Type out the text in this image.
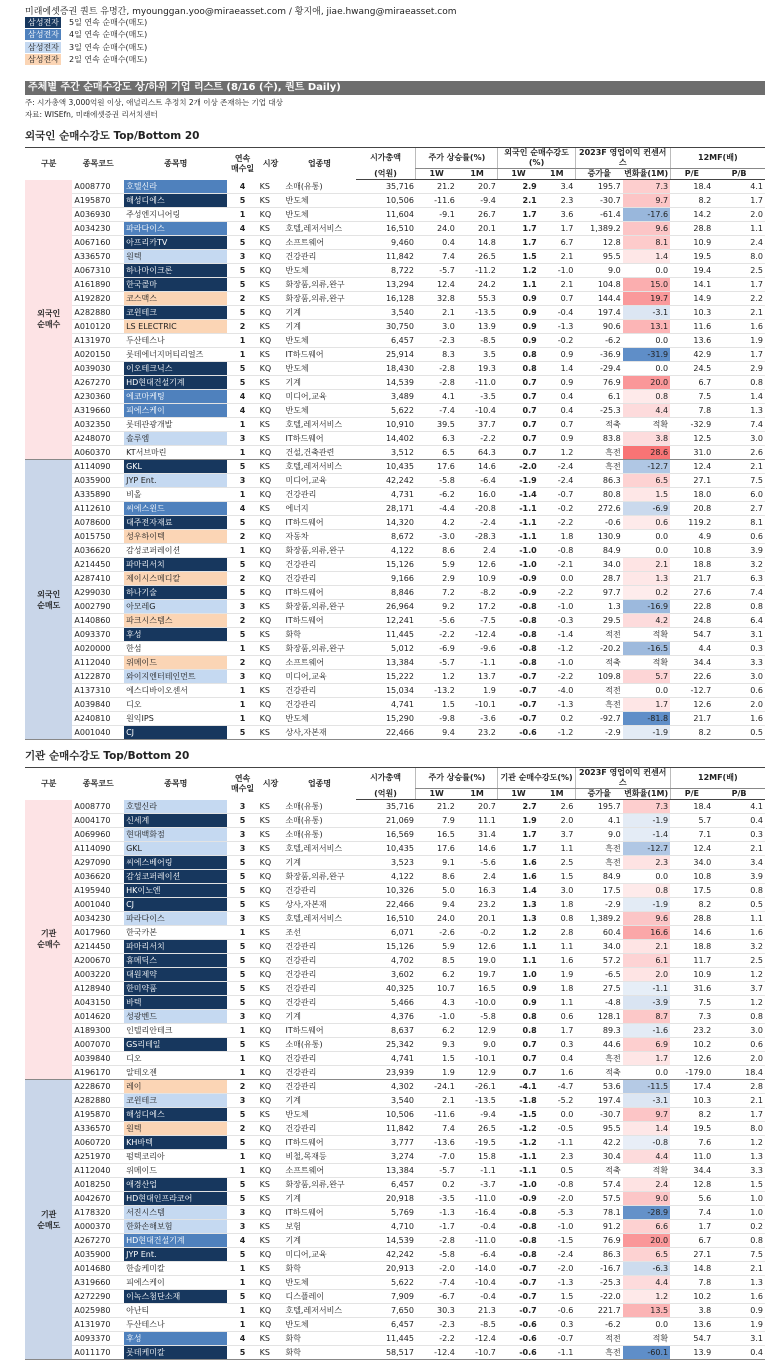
미래에셋증권 퀀트 유명간, myounggan.yoo@miraeasset.com / 황지애, jiae.hwang@miraeasset.com
삼성전자 5일 연속 순매수(매도)
삼성전자 4일 연속 순매수(매도)
삼성전자 3일 연속 순매수(매도)
삼성전자 2일 연속 순매수(매도)
주체별 주간 순매수강도 상/하위 기업 리스트 (8/16 (수), 퀀트 Daily)
주: 시가총액 3,000억원 이상, 애널리스트 추정치 2개 이상 존재하는 기업 대상
자료: WISEfn, 미래에셋증권 리서치센터
외국인 순매수강도 Top/Bottom 20
구분	종목코드	종목명	연속
매수일	시장	업종명	시가총액	주가 상승률(%)		외국인 순매수강도(%)		2023F 영업이익 컨센서스		12MF(배)	
						(억원)	1W	1M	1W	1M	증가율	변화율(1M)	P/E	P/B
외국인
순매수	A008770	호텔신라	4	KS	소매(유통)	35,716	21.2	20.7	2.9	3.4	195.7	7.3	18.4	4.1
	A195870	해성디에스	5	KS	반도체	10,506	-11.6	-9.4	2.1	2.3	-30.7	9.7	8.2	1.7
	A036930	주성엔지니어링	1	KQ	반도체	11,604	-9.1	26.7	1.7	3.6	-61.4	-17.6	14.2	2.0
	A034230	파라다이스	4	KS	호텔,레저서비스	16,510	24.0	20.1	1.7	1.7	1,389.2	9.6	28.8	1.1
	A067160	아프리카TV	5	KQ	소프트웨어	9,460	0.4	14.8	1.7	6.7	12.8	8.1	10.9	2.4
	A336570	원텍	3	KQ	건강관리	11,842	7.4	26.5	1.5	2.1	95.5	1.4	19.5	8.0
	A067310	하나마이크론	5	KQ	반도체	8,722	-5.7	-11.2	1.2	-1.0	9.0	0.0	19.4	2.5
	A161890	한국콜마	5	KS	화장품,의류,완구	13,294	12.4	24.2	1.1	2.1	104.8	15.0	14.1	1.7
	A192820	코스맥스	2	KS	화장품,의류,완구	16,128	32.8	55.3	0.9	0.7	144.4	19.7	14.9	2.2
	A282880	코윈테크	5	KQ	기계	3,540	2.1	-13.5	0.9	-0.4	197.4	-3.1	10.3	2.1
	A010120	LS ELECTRIC	2	KS	기계	30,750	3.0	13.9	0.9	-1.3	90.6	13.1	11.6	1.6
	A131970	두산테스나	1	KQ	반도체	6,457	-2.3	-8.5	0.9	-0.2	-6.2	0.0	13.6	1.9
	A020150	롯데에너지머티리얼즈	1	KS	IT하드웨어	25,914	8.3	3.5	0.8	0.9	-36.9	-31.9	42.9	1.7
	A039030	이오테크닉스	5	KQ	반도체	18,430	-2.8	19.3	0.8	1.4	-29.4	0.0	24.5	2.9
	A267270	HD현대건설기계	5	KS	기계	14,539	-2.8	-11.0	0.7	0.9	76.9	20.0	6.7	0.8
	A230360	에코마케팅	4	KQ	미디어,교육	3,489	4.1	-3.5	0.7	0.4	6.1	0.8	7.5	1.4
	A319660	피에스케이	4	KQ	반도체	5,622	-7.4	-10.4	0.7	0.4	-25.3	4.4	7.8	1.3
	A032350	롯데관광개발	1	KS	호텔,레저서비스	10,910	39.5	37.7	0.7	0.7	적축	적확	-32.9	7.4
	A248070	솔루엠	3	KS	IT하드웨어	14,402	6.3	-2.2	0.7	0.9	83.8	3.8	12.5	3.0
	A060370	KT서브마린	1	KQ	건설,건축관련	3,512	6.5	64.3	0.7	1.2	흑전	28.6	31.0	2.6
외국인
순매도	A114090	GKL	5	KS	호텔,레저서비스	10,435	17.6	14.6	-2.0	-2.4	흑전	-12.7	12.4	2.1
	A035900	JYP Ent.	3	KQ	미디어,교육	42,242	-5.8	-6.4	-1.9	-2.4	86.3	6.5	27.1	7.5
	A335890	비올	1	KQ	건강관리	4,731	-6.2	16.0	-1.4	-0.7	80.8	1.5	18.0	6.0
	A112610	씨에스윈드	4	KS	에너지	28,171	-4.4	-20.8	-1.1	-0.2	272.6	-6.9	20.8	2.7
	A078600	대주전자재료	5	KQ	IT하드웨어	14,320	4.2	-2.4	-1.1	-2.2	-0.6	0.6	119.2	8.1
	A015750	성우하이텍	2	KQ	자동차	8,672	-3.0	-28.3	-1.1	1.8	130.9	0.0	4.9	0.6
	A036620	감성코퍼레이션	1	KQ	화장품,의류,완구	4,122	8.6	2.4	-1.0	-0.8	84.9	0.0	10.8	3.9
	A214450	파마리서치	5	KQ	건강관리	15,126	5.9	12.6	-1.0	-2.1	34.0	2.1	18.8	3.2
	A287410	제이시스메디칼	2	KQ	건강관리	9,166	2.9	10.9	-0.9	0.0	28.7	1.3	21.7	6.3
	A299030	하나기술	5	KQ	IT하드웨어	8,846	7.2	-8.2	-0.9	-2.2	97.7	0.2	27.6	7.4
	A002790	아모레G	3	KS	화장품,의류,완구	26,964	9.2	17.2	-0.8	-1.0	1.3	-16.9	22.8	0.8
	A140860	파크시스템스	2	KQ	IT하드웨어	12,241	-5.6	-7.5	-0.8	-0.3	29.5	4.2	24.8	6.4
	A093370	후성	5	KS	화학	11,445	-2.2	-12.4	-0.8	-1.4	적전	적확	54.7	3.1
	A020000	한섬	1	KS	화장품,의류,완구	5,012	-6.9	-9.6	-0.8	-1.2	-20.2	-16.5	4.4	0.3
	A112040	위메이드	2	KQ	소프트웨어	13,384	-5.7	-1.1	-0.8	-1.0	적축	적확	34.4	3.3
	A122870	와이지엔터테인먼트	3	KQ	미디어,교육	15,222	1.2	13.7	-0.7	-2.2	109.8	5.7	22.6	3.0
	A137310	에스디바이오센서	1	KS	건강관리	15,034	-13.2	1.9	-0.7	-4.0	적전	0.0	-12.7	0.6
	A039840	디오	1	KQ	건강관리	4,741	1.5	-10.1	-0.7	-1.3	흑전	1.7	12.6	2.0
	A240810	원익IPS	1	KQ	반도체	15,290	-9.8	-3.6	-0.7	0.2	-92.7	-81.8	21.7	1.6
	A001040	CJ	5	KS	상사,자본재	22,466	9.4	23.2	-0.6	-1.2	-2.9	-1.9	8.2	0.5
기관 순매수강도 Top/Bottom 20
구분	종목코드	종목명	연속
매수일	시장	업종명	시가총액	주가 상승률(%)		기관 순매수강도(%)		2023F 영업이익 컨센서스		12MF(배)	
						(억원)	1W	1M	1W	1M	증가율	변화율(1M)	P/E	P/B
기관
순매수	A008770	호텔신라	3	KS	소매(유통)	35,716	21.2	20.7	2.7	2.6	195.7	7.3	18.4	4.1
	A004170	신세계	5	KS	소매(유통)	21,069	7.9	11.1	1.9	2.0	4.1	-1.9	5.7	0.4
	A069960	현대백화점	3	KS	소매(유통)	16,569	16.5	31.4	1.7	3.7	9.0	-1.4	7.1	0.3
	A114090	GKL	3	KS	호텔,레저서비스	10,435	17.6	14.6	1.7	1.1	흑전	-12.7	12.4	2.1
	A297090	씨에스베어링	5	KQ	기계	3,523	9.1	-5.6	1.6	2.5	흑전	2.3	34.0	3.4
	A036620	감성코퍼레이션	5	KQ	화장품,의류,완구	4,122	8.6	2.4	1.6	1.5	84.9	0.0	10.8	3.9
	A195940	HK이노엔	5	KQ	건강관리	10,326	5.0	16.3	1.4	3.0	17.5	0.8	17.5	0.8
	A001040	CJ	5	KS	상사,자본재	22,466	9.4	23.2	1.3	1.8	-2.9	-1.9	8.2	0.5
	A034230	파라다이스	3	KS	호텔,레저서비스	16,510	24.0	20.1	1.3	0.8	1,389.2	9.6	28.8	1.1
	A017960	한국카본	1	KS	조선	6,071	-2.6	-0.2	1.2	2.8	60.4	16.6	14.6	1.6
	A214450	파마리서치	5	KQ	건강관리	15,126	5.9	12.6	1.1	1.1	34.0	2.1	18.8	3.2
	A200670	휴메딕스	5	KQ	건강관리	4,702	8.5	19.0	1.1	1.6	57.2	6.1	11.7	2.5
	A003220	대원제약	5	KQ	건강관리	3,602	6.2	19.7	1.0	1.9	-6.5	2.0	10.9	1.2
	A128940	한미약품	5	KS	건강관리	40,325	10.7	16.5	0.9	1.8	27.5	-1.1	31.6	3.7
	A043150	바텍	5	KQ	건강관리	5,466	4.3	-10.0	0.9	1.1	-4.8	-3.9	7.5	1.2
	A014620	성광벤드	3	KQ	기계	4,376	-1.0	-5.8	0.8	0.6	128.1	8.7	7.3	0.8
	A189300	인텔리안테크	1	KQ	IT하드웨어	8,637	6.2	12.9	0.8	1.7	89.3	-1.6	23.2	3.0
	A007070	GS리테일	5	KS	소매(유통)	25,342	9.3	9.0	0.7	0.3	44.6	6.9	10.2	0.6
	A039840	디오	1	KQ	건강관리	4,741	1.5	-10.1	0.7	0.4	흑전	1.7	12.6	2.0
	A196170	알테오젠	1	KQ	건강관리	23,939	1.9	12.9	0.7	1.6	적축	0.0	-179.0	18.4
기관
순매도	A228670	레이	2	KQ	건강관리	4,302	-24.1	-26.1	-4.1	-4.7	53.6	-11.5	17.4	2.8
	A282880	코윈테크	3	KQ	기계	3,540	2.1	-13.5	-1.8	-5.2	197.4	-3.1	10.3	2.1
	A195870	해성디에스	5	KS	반도체	10,506	-11.6	-9.4	-1.5	0.0	-30.7	9.7	8.2	1.7
	A336570	원텍	2	KQ	건강관리	11,842	7.4	26.5	-1.2	-0.5	95.5	1.4	19.5	8.0
	A060720	KH바텍	5	KQ	IT하드웨어	3,777	-13.6	-19.5	-1.2	-1.1	42.2	-0.8	7.6	1.2
	A251970	펌텍코리아	1	KQ	비철,목재등	3,274	-7.0	15.8	-1.1	2.3	30.4	4.4	11.0	1.3
	A112040	위메이드	1	KQ	소프트웨어	13,384	-5.7	-1.1	-1.1	0.5	적축	적확	34.4	3.3
	A018250	애경산업	5	KS	화장품,의류,완구	6,457	0.2	-3.7	-1.0	-0.8	57.4	2.4	12.8	1.5
	A042670	HD현대인프라코어	5	KS	기계	20,918	-3.5	-11.0	-0.9	-2.0	57.5	9.0	5.6	1.0
	A178320	서진시스템	3	KQ	IT하드웨어	5,769	-1.3	-16.4	-0.8	-5.3	78.1	-28.9	7.4	1.0
	A000370	한화손해보험	3	KS	보험	4,710	-1.7	-0.4	-0.8	-1.0	91.2	6.6	1.7	0.2
	A267270	HD현대건설기계	4	KS	기계	14,539	-2.8	-11.0	-0.8	-1.5	76.9	20.0	6.7	0.8
	A035900	JYP Ent.	5	KQ	미디어,교육	42,242	-5.8	-6.4	-0.8	-2.4	86.3	6.5	27.1	7.5
	A014680	한솔케미칼	1	KS	화학	20,913	-2.0	-14.0	-0.7	-2.0	-16.7	-6.3	14.8	2.1
	A319660	피에스케이	1	KQ	반도체	5,622	-7.4	-10.4	-0.7	-1.3	-25.3	4.4	7.8	1.3
	A272290	이녹스첨단소재	5	KQ	디스플레이	7,909	-6.7	-0.4	-0.7	1.5	-22.0	1.2	10.2	1.6
	A025980	아난티	1	KQ	호텔,레저서비스	7,650	30.3	21.3	-0.7	-0.6	221.7	13.5	3.8	0.9
	A131970	두산테스나	1	KQ	반도체	6,457	-2.3	-8.5	-0.6	0.3	-6.2	0.0	13.6	1.9
	A093370	후성	4	KS	화학	11,445	-2.2	-12.4	-0.6	-0.7	적전	적확	54.7	3.1
	A011170	롯데케미칼	5	KS	화학	58,517	-12.4	-10.7	-0.6	-1.1	흑전	-60.1	13.9	0.4
